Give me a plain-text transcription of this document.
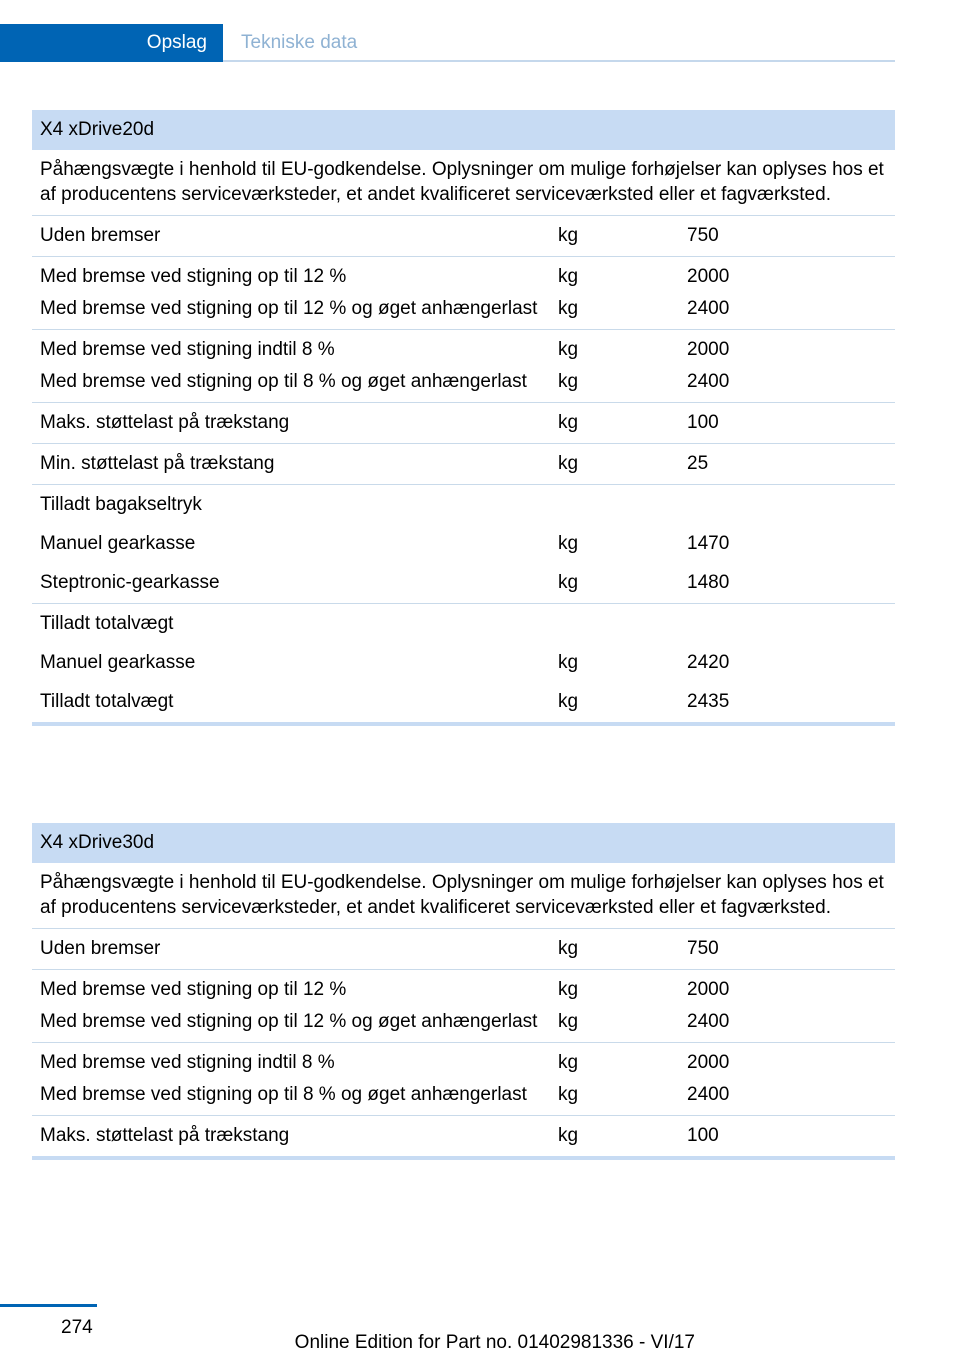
Opslag Tekniske data
X4 xDrive20d
Påhængsvægte i henhold til EU-godkendelse. Oplysninger om mulige forhøjelser kan oplyses hos et af producentens serviceværksteder, et andet kvalificeret serviceværksted eller et fagværksted.
Uden bremser	kg	750
Med bremse ved stigning op til 12 %	kg	2000
Med bremse ved stigning op til 12 % og øget anhængerlast	kg	2400
Med bremse ved stigning indtil 8 %	kg	2000
Med bremse ved stigning op til 8 % og øget anhængerlast	kg	2400
Maks. støttelast på trækstang	kg	100
Min. støttelast på trækstang	kg	25
Tilladt bagakseltryk
Manuel gearkasse	kg	1470
Steptronic-gearkasse	kg	1480
Tilladt totalvægt
Manuel gearkasse	kg	2420
Tilladt totalvægt	kg	2435
X4 xDrive30d
Påhængsvægte i henhold til EU-godkendelse. Oplysninger om mulige forhøjelser kan oplyses hos et af producentens serviceværksteder, et andet kvalificeret serviceværksted eller et fagværksted.
Uden bremser	kg	750
Med bremse ved stigning op til 12 %	kg	2000
Med bremse ved stigning op til 12 % og øget anhængerlast	kg	2400
Med bremse ved stigning indtil 8 %	kg	2000
Med bremse ved stigning op til 8 % og øget anhængerlast	kg	2400
Maks. støttelast på trækstang	kg	100
274
Online Edition for Part no. 01402981336 - VI/17
